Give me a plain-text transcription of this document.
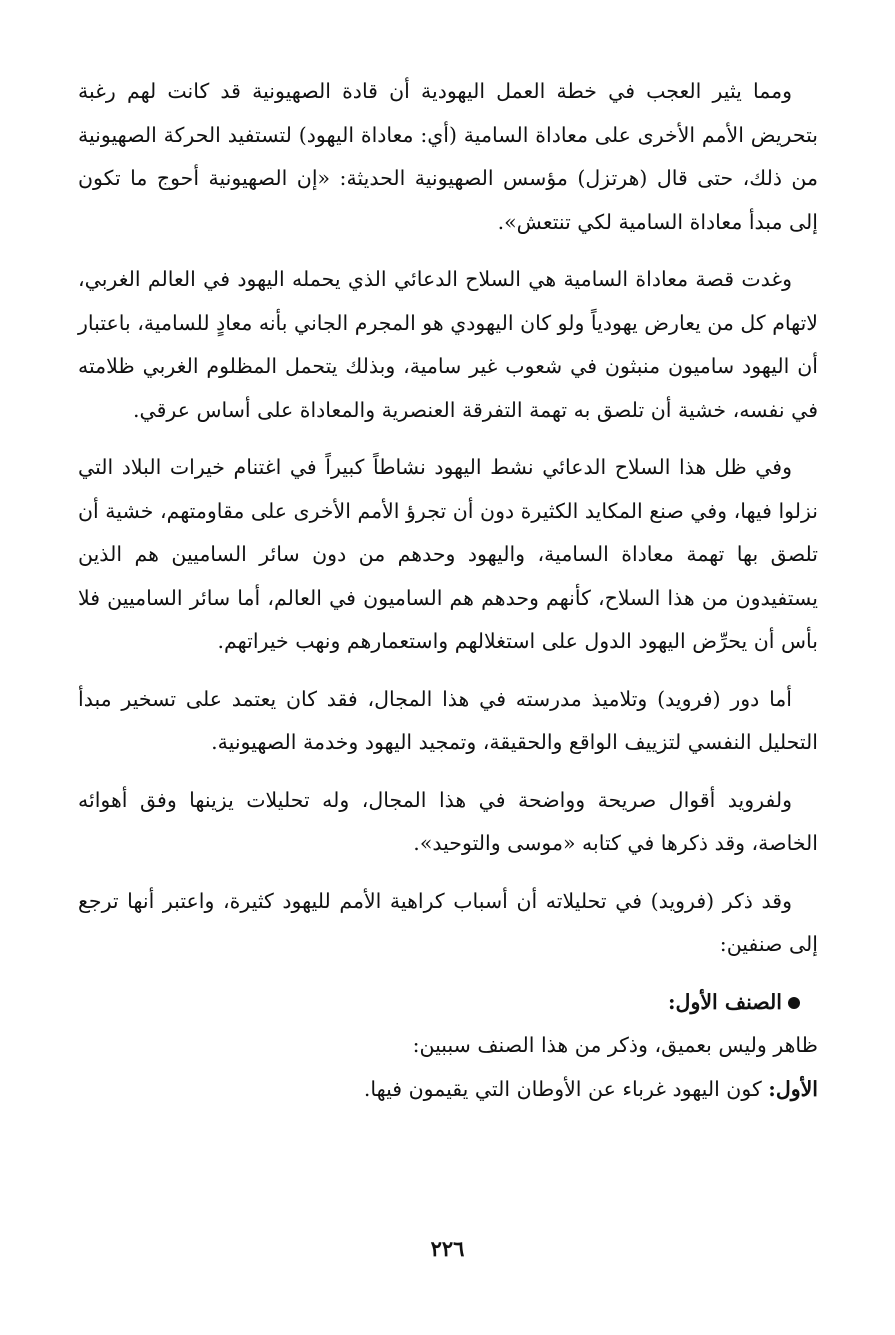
ومما يثير العجب في خطة العمل اليهودية أن قادة الصهيونية قد كانت لهم رغبة بتحريض الأمم الأخرى على معاداة السامية (أي: معاداة اليهود) لتستفيد الحركة الصهيونية من ذلك، حتى قال (هرتزل) مؤسس الصهيونية الحديثة: «إن الصهيونية أحوج ما تكون إلى مبدأ معاداة السامية لكي تنتعش».

وغدت قصة معاداة السامية هي السلاح الدعائي الذي يحمله اليهود في العالم الغربي، لاتهام كل من يعارض يهودياً ولو كان اليهودي هو المجرم الجاني بأنه معادٍ للسامية، باعتبار أن اليهود ساميون منبثون في شعوب غير سامية، وبذلك يتحمل المظلوم الغربي ظلامته في نفسه، خشية أن تلصق به تهمة التفرقة العنصرية والمعاداة على أساس عرقي.

وفي ظل هذا السلاح الدعائي نشط اليهود نشاطاً كبيراً في اغتنام خيرات البلاد التي نزلوا فيها، وفي صنع المكايد الكثيرة دون أن تجرؤ الأمم الأخرى على مقاومتهم، خشية أن تلصق بها تهمة معاداة السامية، واليهود وحدهم من دون سائر الساميين هم الذين يستفيدون من هذا السلاح، كأنهم وحدهم هم الساميون في العالم، أما سائر الساميين فلا بأس أن يحرِّض اليهود الدول على استغلالهم واستعمارهم ونهب خيراتهم.

أما دور (فرويد) وتلاميذ مدرسته في هذا المجال، فقد كان يعتمد على تسخير مبدأ التحليل النفسي لتزييف الواقع والحقيقة، وتمجيد اليهود وخدمة الصهيونية.

ولفرويد أقوال صريحة وواضحة في هذا المجال، وله تحليلات يزينها وفق أهوائه الخاصة، وقد ذكرها في كتابه «موسى والتوحيد».

وقد ذكر (فرويد) في تحليلاته أن أسباب كراهية الأمم لليهود كثيرة، واعتبر أنها ترجع إلى صنفين:

الصنف الأول:
ظاهر وليس بعميق، وذكر من هذا الصنف سببين:
الأول: كون اليهود غرباء عن الأوطان التي يقيمون فيها.
٢٢٦
